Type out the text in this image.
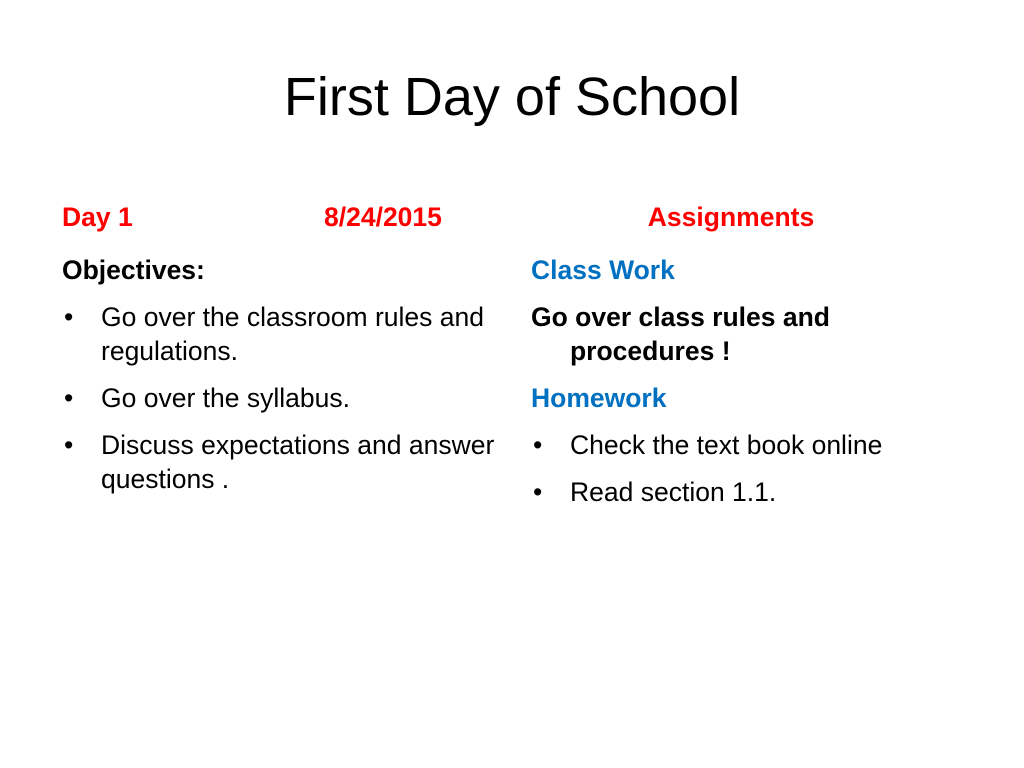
First Day of School
Day 1	8/24/2015
Objectives:
•	Go over the classroom rules and regulations.
•	Go over the syllabus.
•	Discuss expectations and answer questions .
Assignments
Class Work
Go over class rules and procedures !
Homework
•	Check the text book online
•	Read section 1.1.
